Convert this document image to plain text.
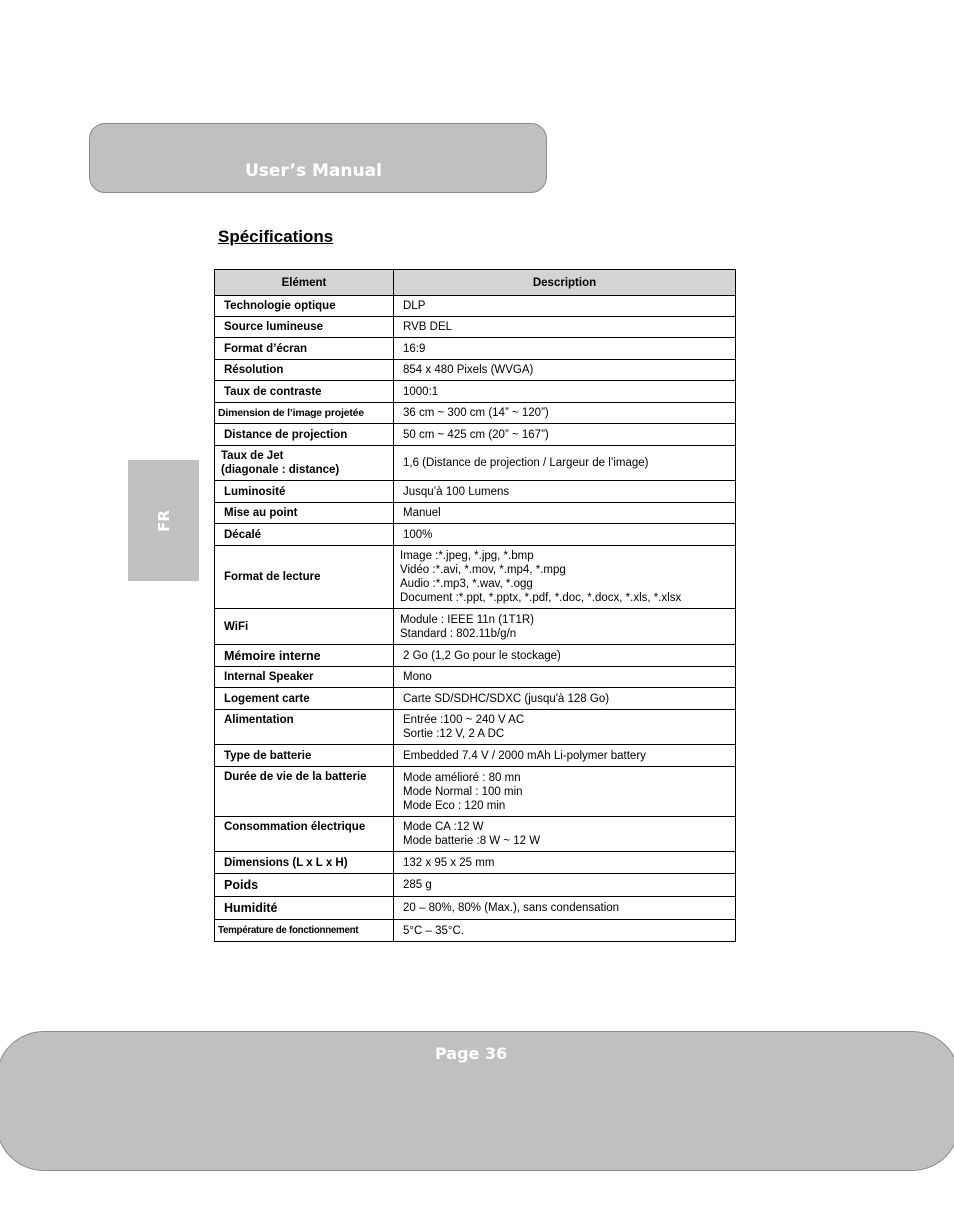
User’s Manual
FR
Spécifications
Elément	Description
Technologie optique	DLP
Source lumineuse	RVB DEL
Format d’écran	16:9
Résolution	854 x 480 Pixels (WVGA)
Taux de contraste	1000:1
Dimension de l’image projetée	36 cm ~ 300 cm (14” ~ 120”)
Distance de projection	50 cm ~ 425 cm (20” ~ 167”)
Taux de Jet
(diagonale : distance)	1,6 (Distance de projection / Largeur de l’image)
Luminosité	Jusqu’à 100 Lumens
Mise au point	Manuel
Décalé	100%
Format de lecture	Image :*.jpeg, *.jpg, *.bmp
Vidéo :*.avi, *.mov, *.mp4, *.mpg
Audio :*.mp3, *.wav, *.ogg
Document :*.ppt, *.pptx, *.pdf, *.doc, *.docx, *.xls, *.xlsx
WiFi	Module : IEEE 11n (1T1R)
Standard : 802.11b/g/n
Mémoire interne	2 Go (1,2 Go pour le stockage)
Internal Speaker	Mono
Logement carte	Carte SD/SDHC/SDXC (jusqu'à 128 Go)
Alimentation	Entrée :100 ~ 240 V AC
Sortie :12 V, 2 A DC
Type de batterie	Embedded 7.4 V / 2000 mAh Li-polymer battery
Durée de vie de la batterie	Mode amélioré : 80 mn
Mode Normal : 100 min
Mode Eco : 120 min
Consommation électrique	Mode CA :12 W
Mode batterie :8 W ~ 12 W
Dimensions (L x L x H)	132 x 95 x 25 mm
Poids	285 g
Humidité	20 – 80%, 80% (Max.), sans condensation
Température de fonctionnement	5°C – 35°C.
Page 36
